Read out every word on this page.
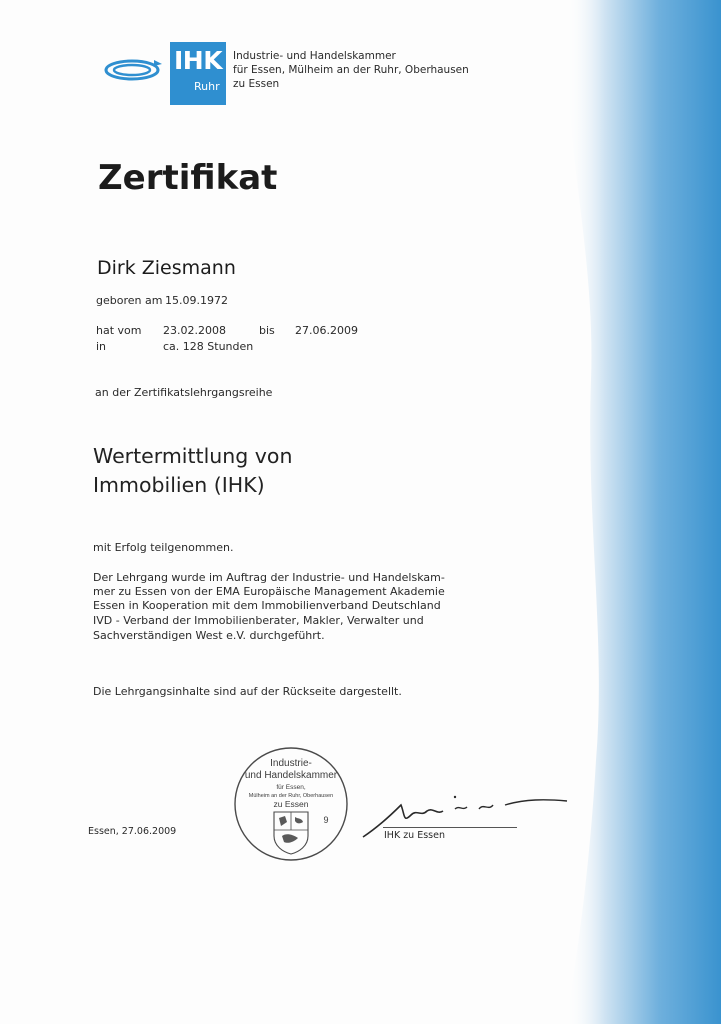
IHK
Ruhr
Industrie- und Handelskammer
für Essen, Mülheim an der Ruhr, Oberhausen
zu Essen
Zertifikat
Dirk Ziesmann
geboren am 15.09.1972
hat vom 23.02.2008	bis 27.06.2009
in	ca. 128 Stunden
an der Zertifikatslehrgangsreihe
Wertermittlung von
Immobilien (IHK)
mit Erfolg teilgenommen.
Der Lehrgang wurde im Auftrag der Industrie- und Handelskam-
mer zu Essen von der EMA Europäische Management Akademie
Essen in Kooperation mit dem Immobilienverband Deutschland
IVD - Verband der Immobilienberater, Makler, Verwalter und
Sachverständigen West e.V. durchgeführt.
Die Lehrgangsinhalte sind auf der Rückseite dargestellt.
Essen, 27.06.2009
Industrie-
und Handelskammer
für Essen,
Mülheim an der Ruhr, Oberhausen
zu Essen
9
IHK zu Essen
